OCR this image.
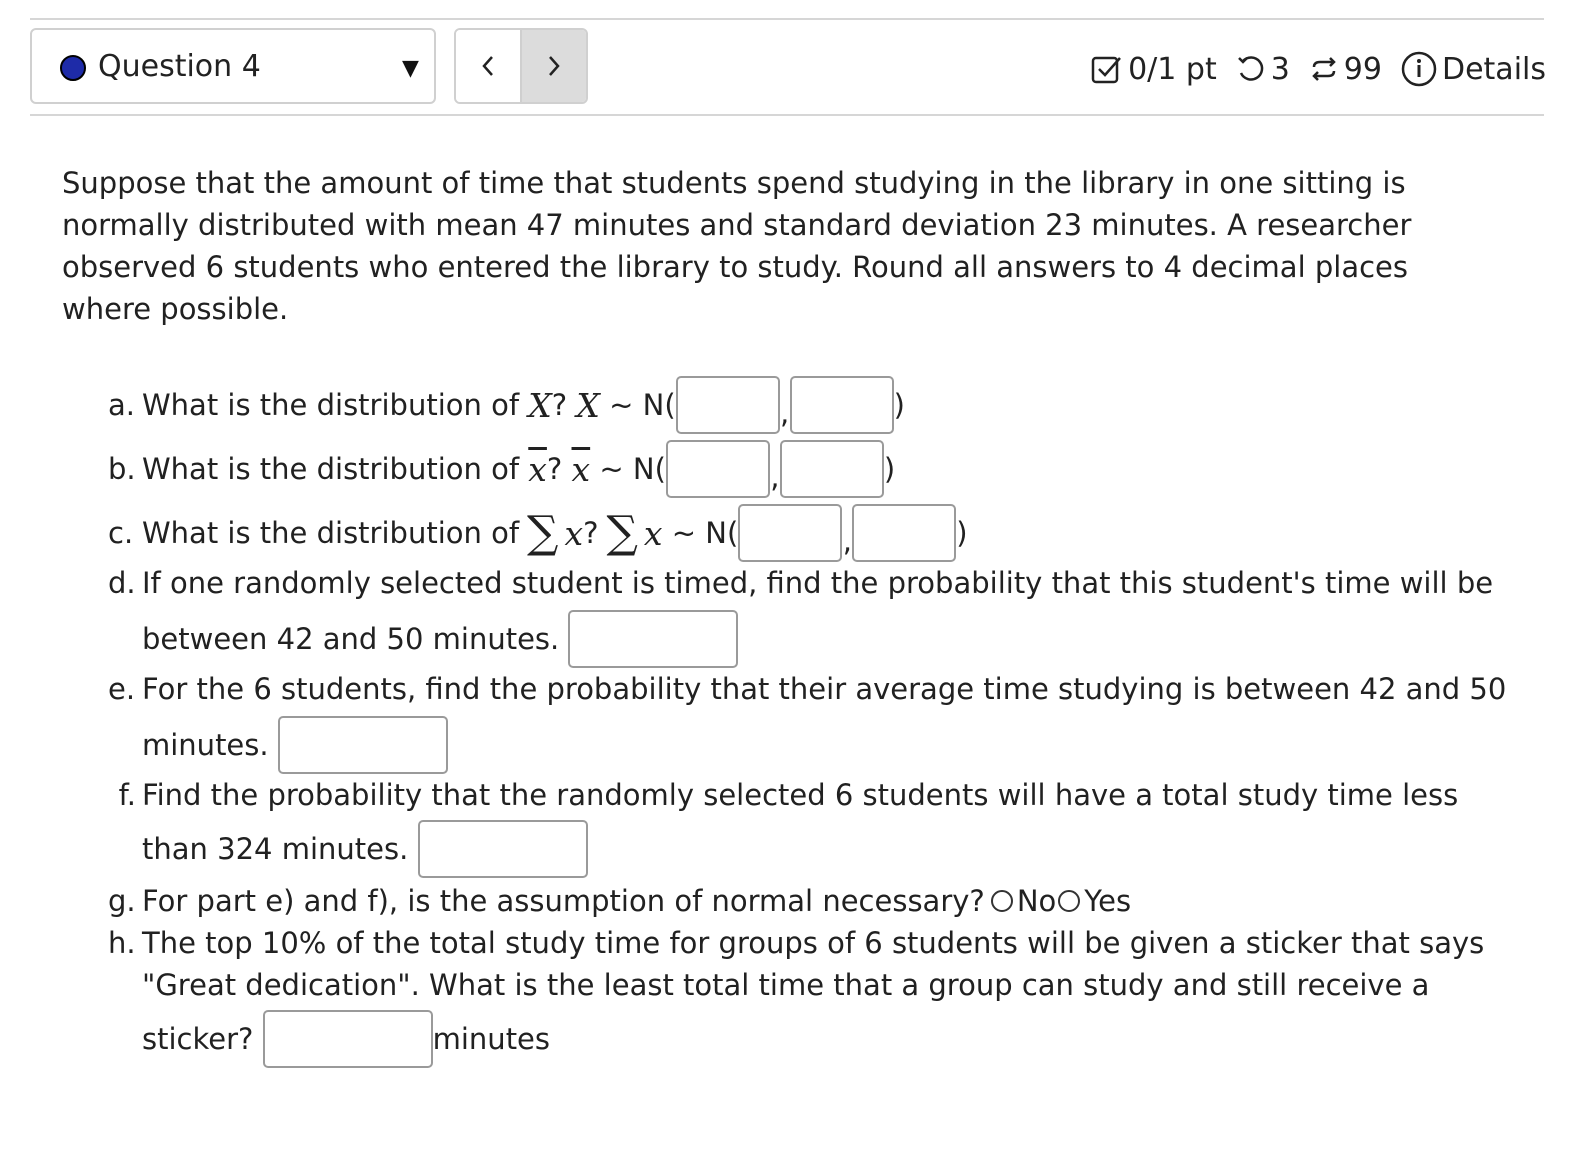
Question 4	▼	0/1 pt 3 99 Details
Suppose that the amount of time that students spend studying in the library in one sitting is normally distributed with mean 47 minutes and standard deviation 23 minutes. A researcher observed 6 students who entered the library to study. Round all answers to 4 decimal places where possible.
a. What is the distribution of
X ?
X
~ N(	,	)
b. What is the distribution of
$\overline{x}$ ?
$\overline{x}$
~ N(	,	)
c. What is the distribution of ∑ x ? ∑ x
~ N(	,	)
d. If one randomly selected student is timed, find the probability that this student's time will be
between 42 and 50 minutes.

e. For the 6 students, find the probability that their average time studying is between 42 and 50
minutes.

f. Find the probability that the randomly selected 6 students will have a total study time less
than 324 minutes.

g. For part e) and f), is the assumption of normal necessary? No Yes
h. The top 10% of the total study time for groups of 6 students will be given a sticker that says
"Great dedication". What is the least total time that a group can study and still receive a
sticker?
	minutes
